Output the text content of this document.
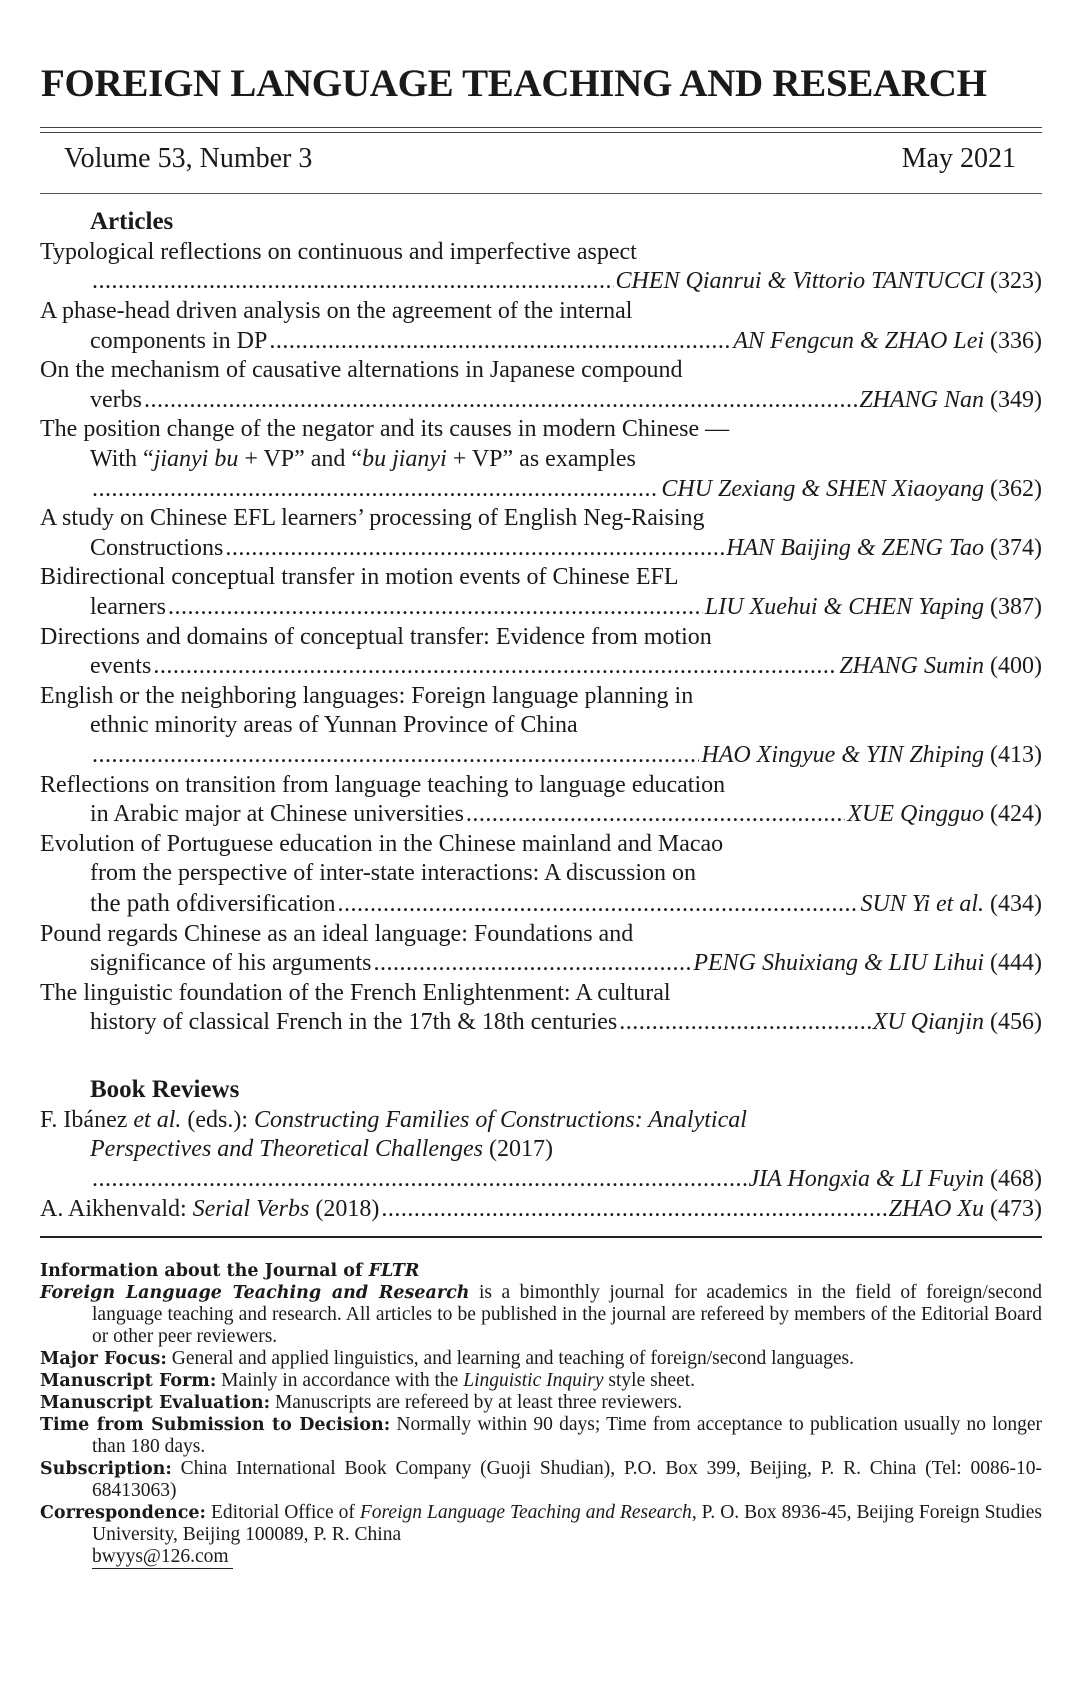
FOREIGN LANGUAGE TEACHING AND RESEARCH
Volume 53, Number 3	May 2021
Articles
Typological reflections on continuous and imperfective aspect
.....
CHEN Qianrui & Vittorio TANTUCCI (323)
A phase-head driven analysis on the agreement of the internal
components in DP .....	AN Fengcun & ZHAO Lei (336)
On the mechanism of causative alternations in Japanese compound
verbs .....	ZHANG Nan (349)
The position change of the negator and its causes in modern Chinese —
With “jianyi bu + VP” and “bu jianyi + VP” as examples
.....
CHU Zexiang & SHEN Xiaoyang (362)
A study on Chinese EFL learners’ processing of English Neg-Raising
Constructions .....	HAN Baijing & ZENG Tao (374)
Bidirectional conceptual transfer in motion events of Chinese EFL
learners .....	LIU Xuehui & CHEN Yaping (387)
Directions and domains of conceptual transfer: Evidence from motion
events .....	ZHANG Sumin (400)
English or the neighboring languages: Foreign language planning in
ethnic minority areas of Yunnan Province of China
.....
HAO Xingyue & YIN Zhiping (413)
Reflections on transition from language teaching to language education
in Arabic major at Chinese universities .....	XUE Qingguo (424)
Evolution of Portuguese education in the Chinese mainland and Macao
from the perspective of inter-state interactions: A discussion on
the path of diversification .....	SUN Yi et al. (434)
Pound regards Chinese as an ideal language: Foundations and
significance of his arguments .....	PENG Shuixiang & LIU Lihui (444)
The linguistic foundation of the French Enlightenment: A cultural
history of classical French in the 17th & 18th centuries .....	XU Qianjin (456)
Book Reviews
F. Ibánez et al. (eds.): Constructing Families of Constructions: Analytical
Perspectives and Theoretical Challenges (2017)
.....
JIA Hongxia & LI Fuyin (468)
A. Aikhenvald: Serial Verbs (2018) .....	ZHAO Xu (473)
Information about the Journal of FLTR
Foreign Language Teaching and Research is a bimonthly journal for academics in the field of foreign/second language teaching and research. All articles to be published in the journal are refereed by members of the Editorial Board or other peer reviewers.
Major Focus: General and applied linguistics, and learning and teaching of foreign/second languages.
Manuscript Form: Mainly in accordance with the Linguistic Inquiry style sheet.
Manuscript Evaluation: Manuscripts are refereed by at least three reviewers.
Time from Submission to Decision: Normally within 90 days; Time from acceptance to publication usually no longer than 180 days.
Subscription: China International Book Company (Guoji Shudian), P.O. Box 399, Beijing, P. R. China (Tel: 0086-10-68413063)
Correspondence: Editorial Office of Foreign Language Teaching and Research, P. O. Box 8936-45, Beijing Foreign Studies University, Beijing 100089, P. R. China
bwyys@126.com
